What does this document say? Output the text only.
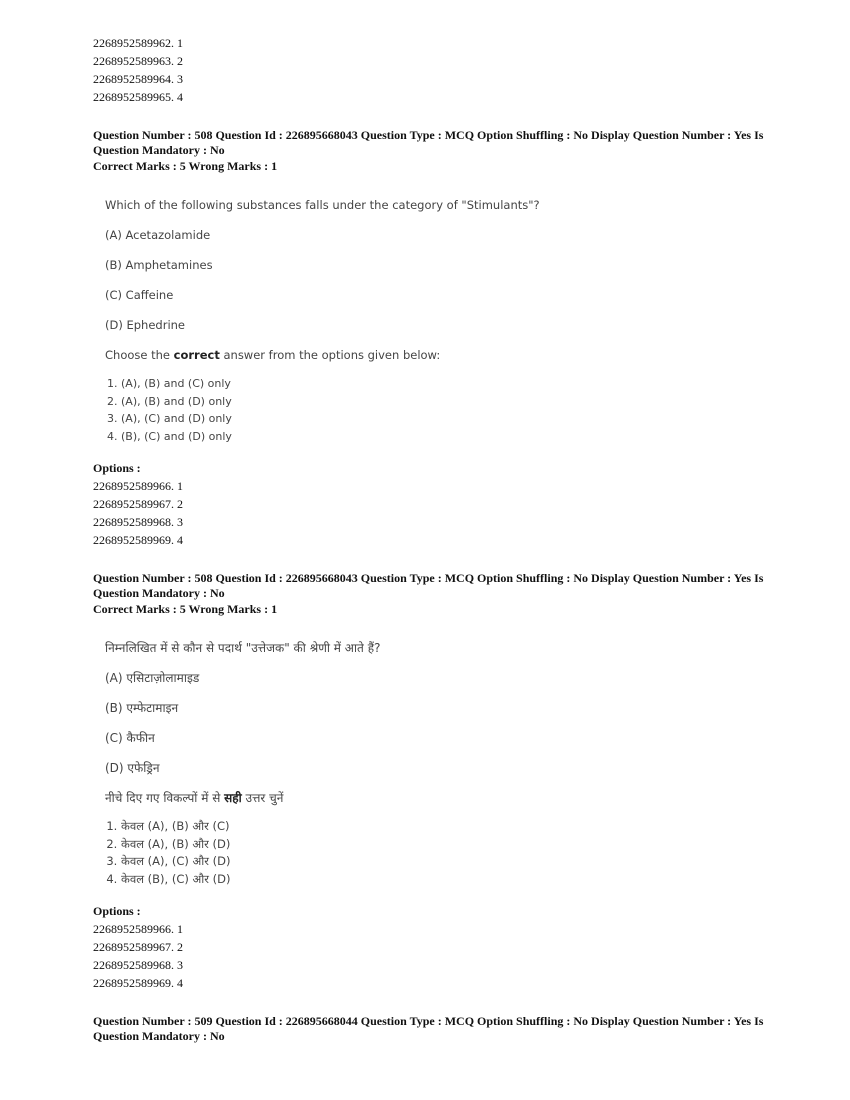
2268952589962. 1

2268952589963. 2

2268952589964. 3

2268952589965. 4

Question Number : 508 Question Id : 226895668043 Question Type : MCQ Option Shuffling : No Display Question Number : Yes Is

Question Mandatory : No

Correct Marks : 5 Wrong Marks : 1

Which of the following substances falls under the category of "Stimulants"?

(A) Acetazolamide

(B) Amphetamines

(C) Caffeine

(D) Ephedrine

Choose the correct answer from the options given below:

1. (A), (B) and (C) only
2. (A), (B) and (D) only
3. (A), (C) and (D) only
4. (B), (C) and (D) only

Options :

2268952589966. 1

2268952589967. 2

2268952589968. 3

2268952589969. 4

Question Number : 508 Question Id : 226895668043 Question Type : MCQ Option Shuffling : No Display Question Number : Yes Is

Question Mandatory : No

Correct Marks : 5 Wrong Marks : 1

निम्नलिखित में से कौन से पदार्थ "उत्तेजक" की श्रेणी में आते हैं?

(A) एसिटाज़ोलामाइड

(B) एम्फेटामाइन

(C) कैफीन

(D) एफेड्रिन

नीचे दिए गए विकल्पों में से सही उत्तर चुनें

1. केवल (A), (B) और (C)
2. केवल (A), (B) और (D)
3. केवल (A), (C) और (D)
4. केवल (B), (C) और (D)

Options :

2268952589966. 1

2268952589967. 2

2268952589968. 3

2268952589969. 4

Question Number : 509 Question Id : 226895668044 Question Type : MCQ Option Shuffling : No Display Question Number : Yes Is

Question Mandatory : No
